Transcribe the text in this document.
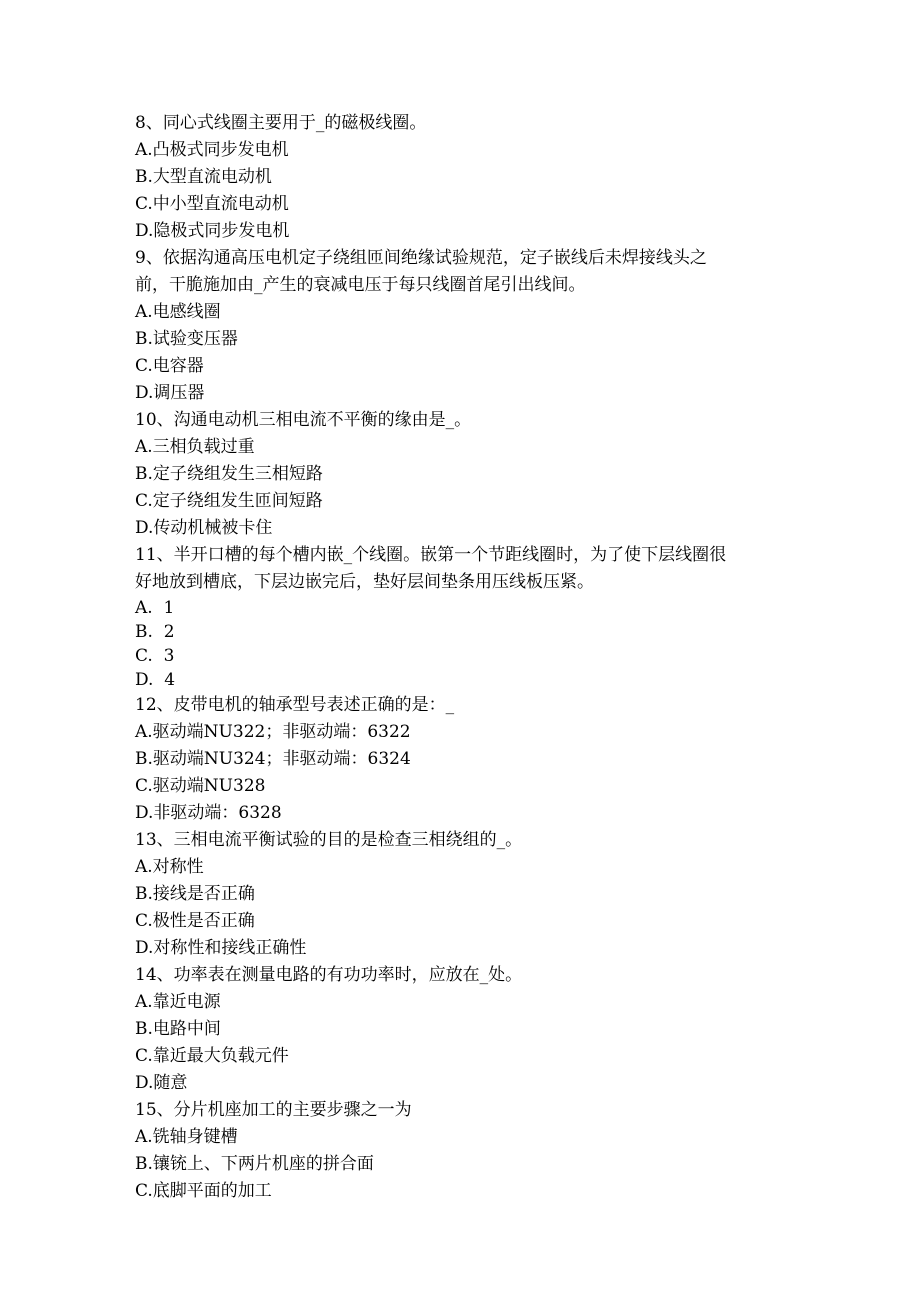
8、同心式线圈主要用于_的磁极线圈。
A.凸极式同步发电机
B.大型直流电动机
C.中小型直流电动机
D.隐极式同步发电机
9、依据沟通高压电机定子绕组匝间绝缘试验规范，定子嵌线后未焊接线头之
前，干脆施加由_产生的衰减电压于每只线圈首尾引出线间。
A.电感线圈
B.试验变压器
C.电容器
D.调压器
10、沟通电动机三相电流不平衡的缘由是_。
A.三相负载过重
B.定子绕组发生三相短路
C.定子绕组发生匝间短路
D.传动机械被卡住
11、半开口槽的每个槽内嵌_个线圈。嵌第一个节距线圈时，为了使下层线圈很
好地放到槽底，下层边嵌完后，垫好层间垫条用压线板压紧。
A.  1
B.  2
C.  3
D.  4
12、皮带电机的轴承型号表述正确的是：_
A.驱动端NU322；非驱动端：6322
B.驱动端NU324；非驱动端：6324
C.驱动端NU328
D.非驱动端：6328
13、三相电流平衡试验的目的是检查三相绕组的_。
A.对称性
B.接线是否正确
C.极性是否正确
D.对称性和接线正确性
14、功率表在测量电路的有功功率时，应放在_处。
A.靠近电源
B.电路中间
C.靠近最大负载元件
D.随意
15、分片机座加工的主要步骤之一为
A.铣轴身键槽
B.镶铳上、下两片机座的拼合面
C.底脚平面的加工
